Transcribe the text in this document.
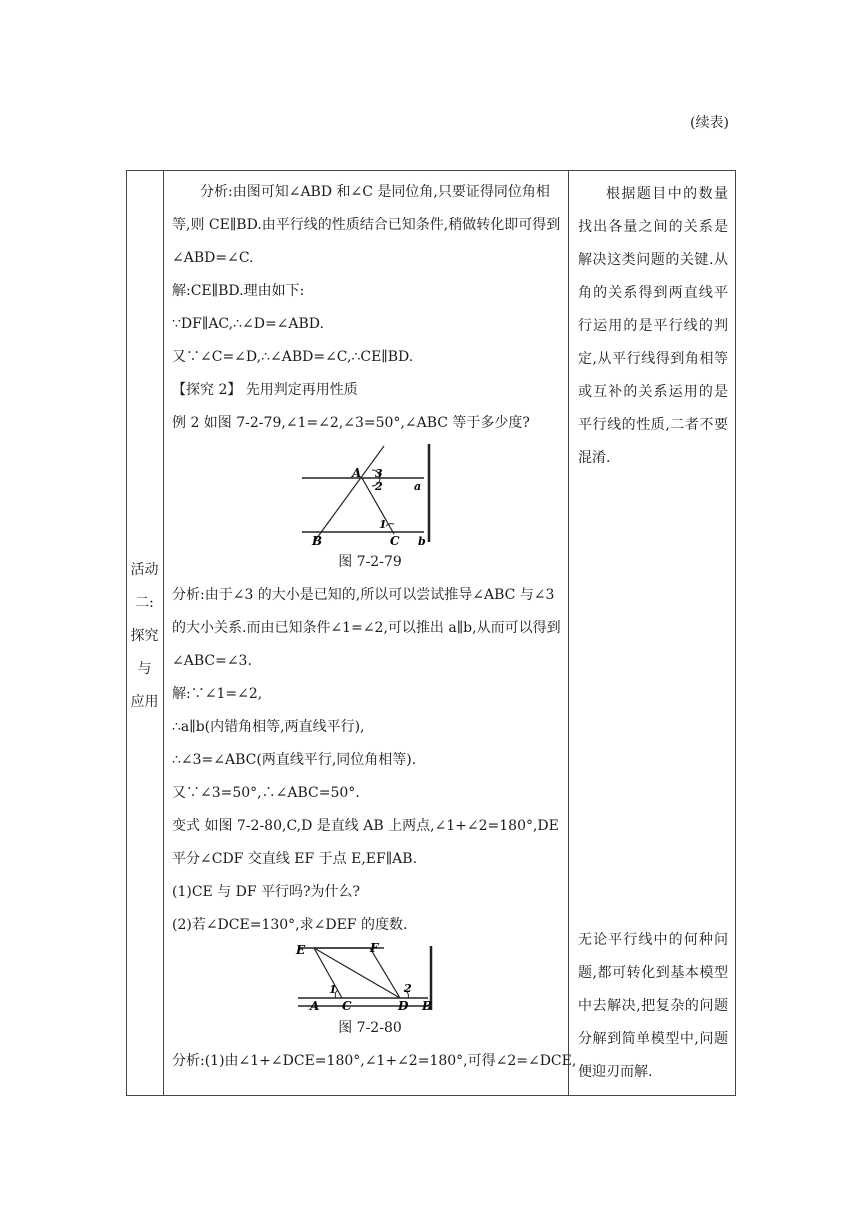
(续表)

活动
二:
探究
与
应用

分析:由图可知∠ABD 和∠C 是同位角,只要证得同位角相等,则 CE∥BD.由平行线的性质结合已知条件,稍做转化即可得到∠ABD=∠C.

解:CE∥BD.理由如下:

∵DF∥AC,∴∠D=∠ABD.

又∵∠C=∠D,∴∠ABD=∠C,∴CE∥BD.

【探究 2】 先用判定再用性质

例 2 如图 7-2-79,∠1=∠2,∠3=50°,∠ABC 等于多少度?

A 3
2	a
1
B	C b

图 7-2-79

分析:由于∠3 的大小是已知的,所以可以尝试推导∠ABC 与∠3 的大小关系.而由已知条件∠1=∠2,可以推出 a∥b,从而可以得到∠ABC=∠3.

解:∵∠1=∠2,

∴a∥b(内错角相等,两直线平行),

∴∠3=∠ABC(两直线平行,同位角相等).

又∵∠3=50°,∴∠ABC=50°.

变式 如图 7-2-80,C,D 是直线 AB 上两点,∠1+∠2=180°,DE 平分∠CDF 交直线 EF 于点 E,EF∥AB.

(1)CE 与 DF 平行吗?为什么?

(2)若∠DCE=130°,求∠DEF 的度数.

E	F
1	2
A C	D B

图 7-2-80

分析:(1)由∠1+∠DCE=180°,∠1+∠2=180°,可得∠2=∠DCE,

根据题目中的数量找出各量之间的关系是解决这类问题的关键.从角的关系得到两直线平行运用的是平行线的判定,从平行线得到角相等或互补的关系运用的是平行线的性质,二者不要混淆.
无论平行线中的何种问题,都可转化到基本模型中去解决,把复杂的问题分解到简单模型中,问题便迎刃而解.
